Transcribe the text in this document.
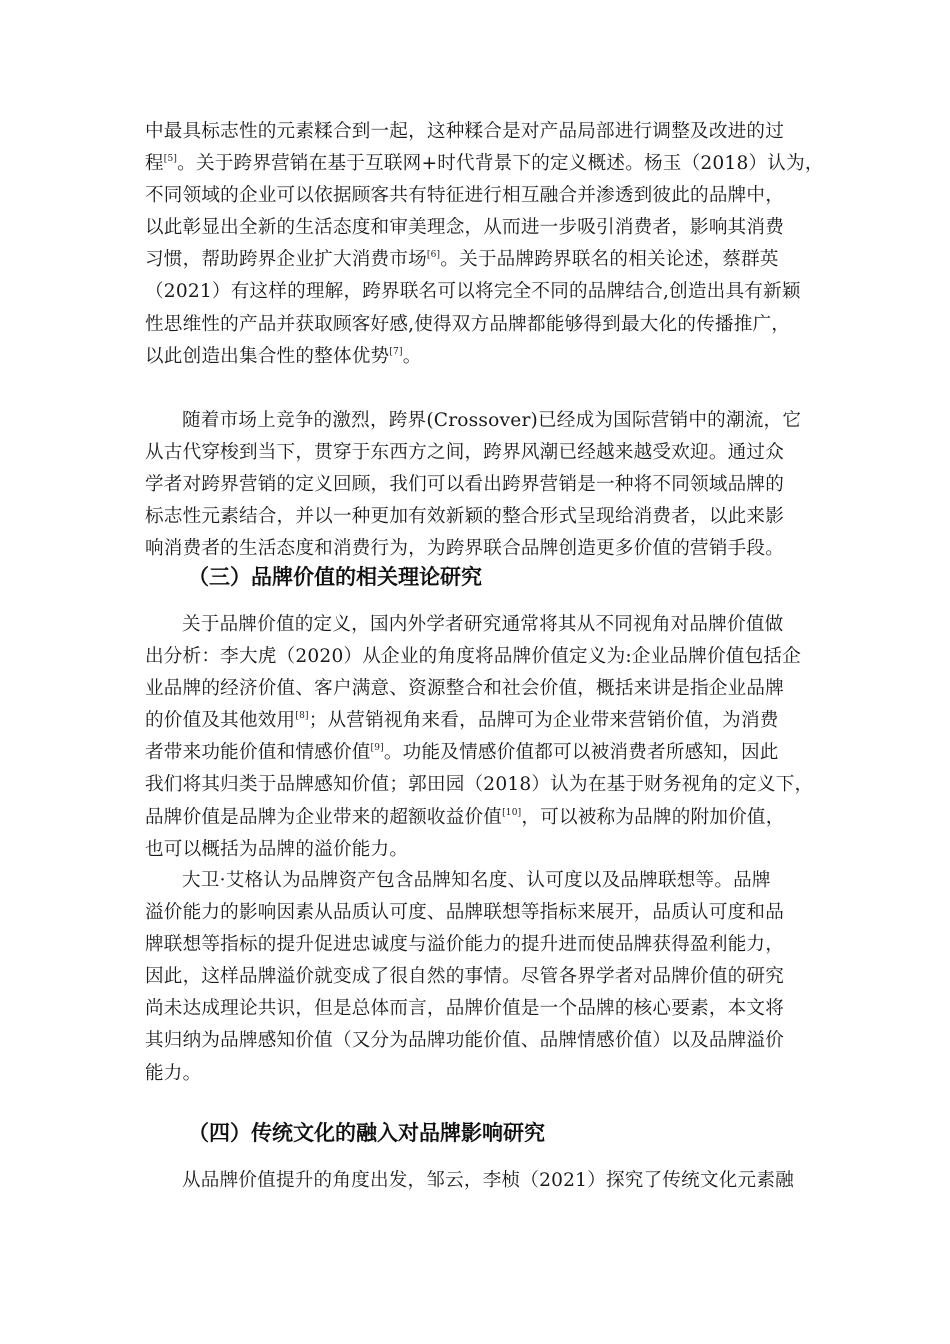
中最具标志性的元素糅合到一起，这种糅合是对产品局部进行调整及改进的过
程[5]。关于跨界营销在基于互联网+时代背景下的定义概述。杨玉（2018）认为，
不同领域的企业可以依据顾客共有特征进行相互融合并渗透到彼此的品牌中，
以此彰显出全新的生活态度和审美理念，从而进一步吸引消费者，影响其消费
习惯，帮助跨界企业扩大消费市场[6]。关于品牌跨界联名的相关论述，蔡群英
（2021）有这样的理解，跨界联名可以将完全不同的品牌结合,创造出具有新颖
性思维性的产品并获取顾客好感,使得双方品牌都能够得到最大化的传播推广，
以此创造出集合性的整体优势[7]。
随着市场上竞争的激烈，跨界(Crossover)已经成为国际营销中的潮流，它
从古代穿梭到当下，贯穿于东西方之间，跨界风潮已经越来越受欢迎。通过众
学者对跨界营销的定义回顾，我们可以看出跨界营销是一种将不同领域品牌的
标志性元素结合，并以一种更加有效新颖的整合形式呈现给消费者，以此来影
响消费者的生活态度和消费行为，为跨界联合品牌创造更多价值的营销手段。
（三）品牌价值的相关理论研究
关于品牌价值的定义，国内外学者研究通常将其从不同视角对品牌价值做
出分析：李大虎（2020）从企业的角度将品牌价值定义为:企业品牌价值包括企
业品牌的经济价值、客户满意、资源整合和社会价值，概括来讲是指企业品牌
的价值及其他效用[8]；从营销视角来看，品牌可为企业带来营销价值，为消费
者带来功能价值和情感价值[9]。功能及情感价值都可以被消费者所感知，因此
我们将其归类于品牌感知价值；郭田园（2018）认为在基于财务视角的定义下，
品牌价值是品牌为企业带来的超额收益价值[10]，可以被称为品牌的附加价值，
也可以概括为品牌的溢价能力。
大卫·艾格认为品牌资产包含品牌知名度、认可度以及品牌联想等。品牌
溢价能力的影响因素从品质认可度、品牌联想等指标来展开，品质认可度和品
牌联想等指标的提升促进忠诚度与溢价能力的提升进而使品牌获得盈利能力，
因此，这样品牌溢价就变成了很自然的事情。尽管各界学者对品牌价值的研究
尚未达成理论共识，但是总体而言，品牌价值是一个品牌的核心要素，本文将
其归纳为品牌感知价值（又分为品牌功能价值、品牌情感价值）以及品牌溢价
能力。
（四）传统文化的融入对品牌影响研究
从品牌价值提升的角度出发，邹云，李桢（2021）探究了传统文化元素融
